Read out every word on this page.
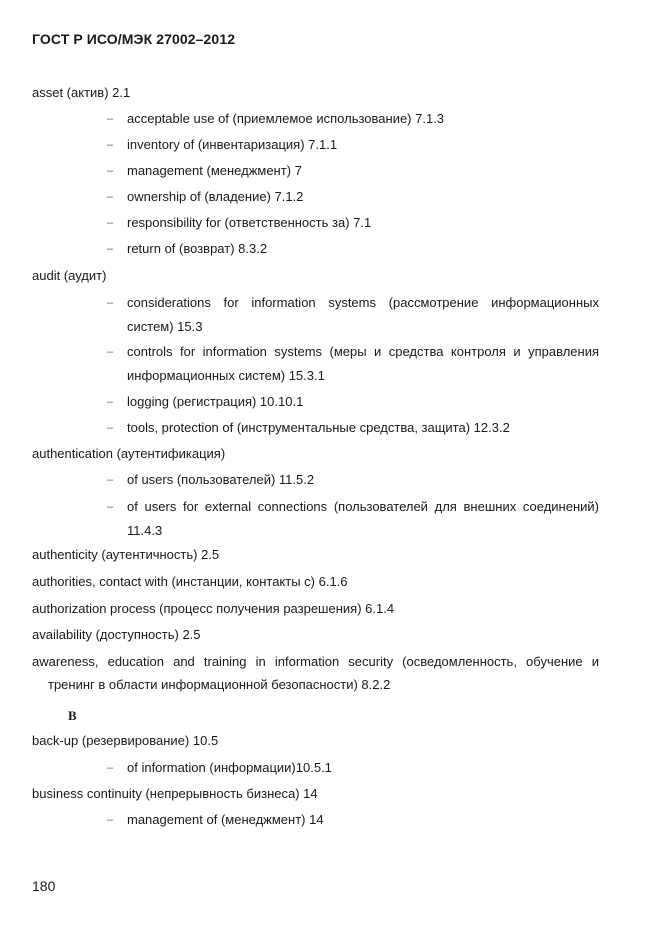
ГОСТ Р ИСО/МЭК 27002–2012
asset (актив) 2.1
– acceptable use of (приемлемое использование) 7.1.3
– inventory of (инвентаризация) 7.1.1
– management (менеджмент) 7
– ownership of (владение) 7.1.2
– responsibility for (ответственность за) 7.1
– return of (возврат) 8.3.2
audit (аудит)
– considerations for information systems (рассмотрение информационных
систем) 15.3
– controls for information systems (меры и средства контроля и управления
информационных систем) 15.3.1
– logging (регистрация) 10.10.1
– tools, protection of (инструментальные средства, защита) 12.3.2
authentication (аутентификация)
– of users (пользователей) 11.5.2
– of users for external connections (пользователей для внешних соединений)
11.4.3
authenticity (аутентичность) 2.5
authorities, contact with (инстанции, контакты с) 6.1.6
authorization process (процесс получения разрешения) 6.1.4
availability (доступность) 2.5
awareness, education and training in information security (осведомленность, обучение и
тренинг в области информационной безопасности) 8.2.2
B
back-up (резервирование) 10.5
– of information (информации)10.5.1
business continuity (непрерывность бизнеса) 14
– management of (менеджмент) 14
180
